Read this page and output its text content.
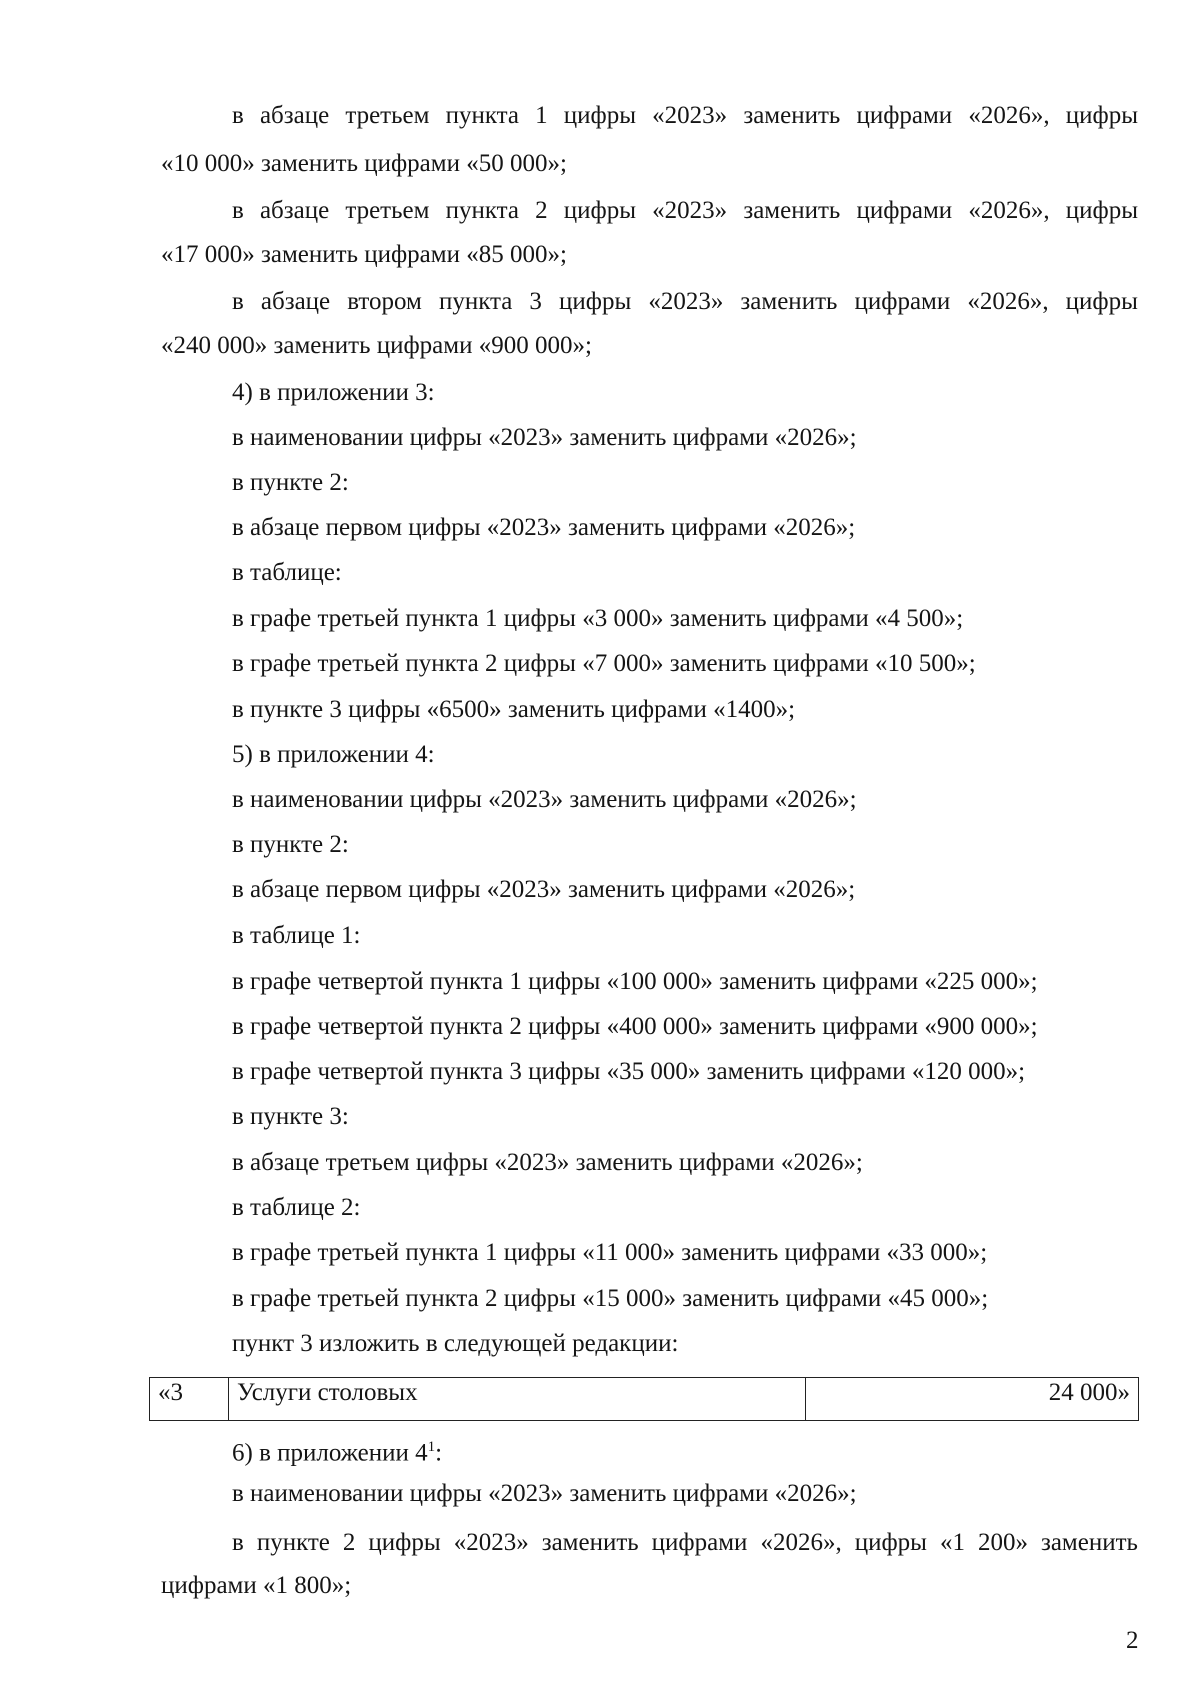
в абзаце третьем пункта 1 цифры «2023» заменить цифрами «2026», цифры
«10 000» заменить цифрами «50 000»;
в абзаце третьем пункта 2 цифры «2023» заменить цифрами «2026», цифры
«17 000» заменить цифрами «85 000»;
в абзаце втором пункта 3 цифры «2023» заменить цифрами «2026», цифры
«240 000» заменить цифрами «900 000»;
4) в приложении 3:
в наименовании цифры «2023» заменить цифрами «2026»;
в пункте 2:
в абзаце первом цифры «2023» заменить цифрами «2026»;
в таблице:
в графе третьей пункта 1 цифры «3 000» заменить цифрами «4 500»;
в графе третьей пункта 2 цифры «7 000» заменить цифрами «10 500»;
в пункте 3 цифры «6500» заменить цифрами «1400»;
5) в приложении 4:
в наименовании цифры «2023» заменить цифрами «2026»;
в пункте 2:
в абзаце первом цифры «2023» заменить цифрами «2026»;
в таблице 1:
в графе четвертой пункта 1 цифры «100 000» заменить цифрами «225 000»;
в графе четвертой пункта 2 цифры «400 000» заменить цифрами «900 000»;
в графе четвертой пункта 3 цифры «35 000» заменить цифрами «120 000»;
в пункте 3:
в абзаце третьем цифры «2023» заменить цифрами «2026»;
в таблице 2:
в графе третьей пункта 1 цифры «11 000» заменить цифрами «33 000»;
в графе третьей пункта 2 цифры «15 000» заменить цифрами «45 000»;
пункт 3 изложить в следующей редакции:
«3	Услуги столовых	24 000»
6) в приложении $4^1$:
в наименовании цифры «2023» заменить цифрами «2026»;
в пункте 2 цифры «2023» заменить цифрами «2026», цифры «1 200» заменить
цифрами «1 800»;
2
